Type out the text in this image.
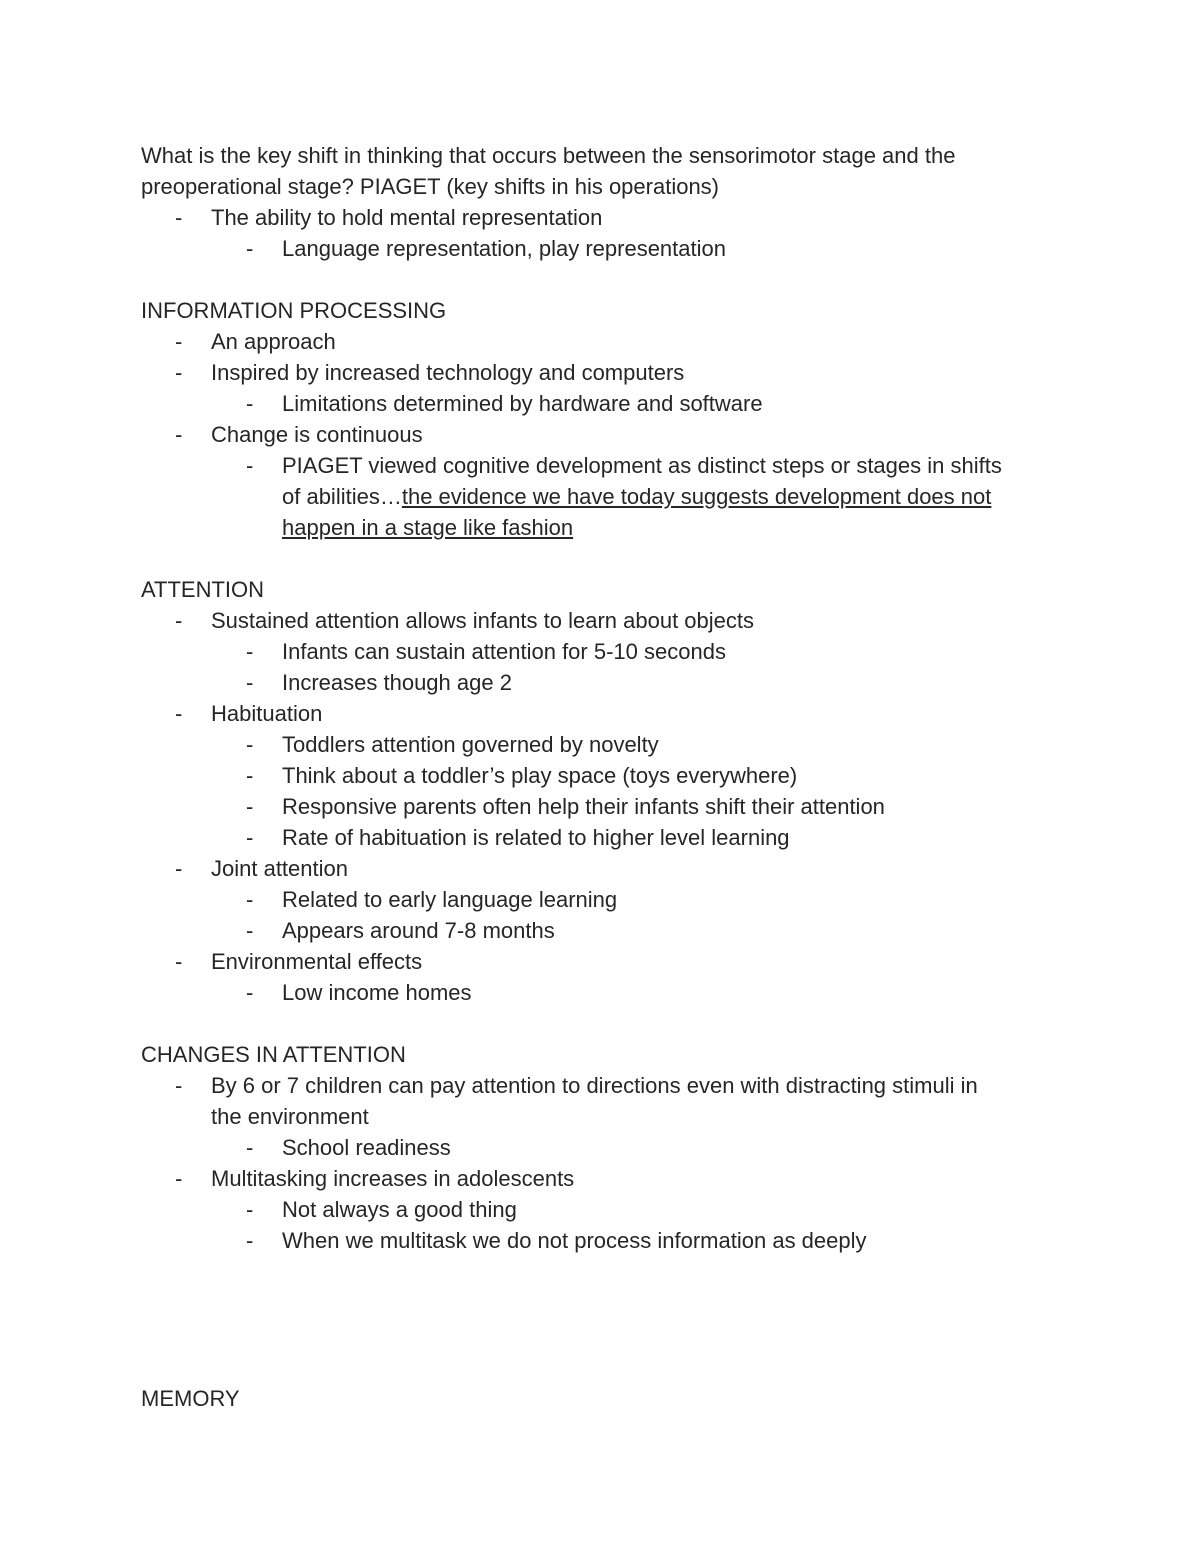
What is the key shift in thinking that occurs between the sensorimotor stage and the

preoperational stage? PIAGET (key shifts in his operations)

- The ability to hold mental representation
- Language representation, play representation

INFORMATION PROCESSING

- An approach
- Inspired by increased technology and computers
- Limitations determined by hardware and software
- Change is continuous
- PIAGET viewed cognitive development as distinct steps or stages in shifts
of abilities…the evidence we have today suggests development does not
happen in a stage like fashion

ATTENTION

- Sustained attention allows infants to learn about objects
- Infants can sustain attention for 5-10 seconds
- Increases though age 2
- Habituation
- Toddlers attention governed by novelty
- Think about a toddler’s play space (toys everywhere)
- Responsive parents often help their infants shift their attention
- Rate of habituation is related to higher level learning
- Joint attention
- Related to early language learning
- Appears around 7-8 months
- Environmental effects
- Low income homes

CHANGES IN ATTENTION

- By 6 or 7 children can pay attention to directions even with distracting stimuli in
the environment
- School readiness
- Multitasking increases in adolescents
- Not always a good thing
- When we multitask we do not process information as deeply

MEMORY
